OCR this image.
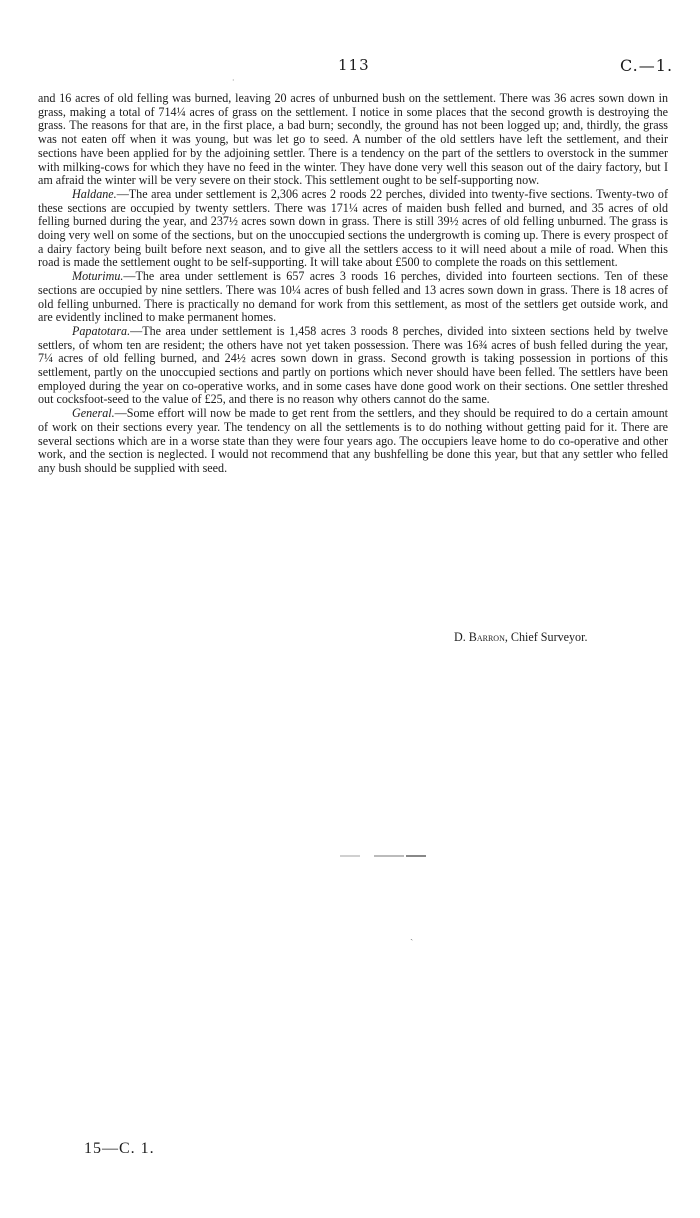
113	C.—1.
·

and 16 acres of old felling was burned, leaving 20 acres of unburned bush on the settlement. There was 36 acres sown down in grass, making a total of 714¼ acres of grass on the settlement. I notice in some places that the second growth is destroying the grass. The reasons for that are, in the first place, a bad burn; secondly, the ground has not been logged up; and, thirdly, the grass was not eaten off when it was young, but was let go to seed. A number of the old settlers have left the settlement, and their sections have been applied for by the adjoining settler. There is a tendency on the part of the settlers to overstock in the summer with milking-cows for which they have no feed in the winter. They have done very well this season out of the dairy factory, but I am afraid the winter will be very severe on their stock. This settlement ought to be self-supporting now.

Haldane.—The area under settlement is 2,306 acres 2 roods 22 perches, divided into twenty-five sections. Twenty-two of these sections are occupied by twenty settlers. There was 171¼ acres of maiden bush felled and burned, and 35 acres of old felling burned during the year, and 237½ acres sown down in grass. There is still 39½ acres of old felling unburned. The grass is doing very well on some of the sections, but on the unoccupied sections the undergrowth is coming up. There is every prospect of a dairy factory being built before next season, and to give all the settlers access to it will need about a mile of road. When this road is made the settlement ought to be self-supporting. It will take about £500 to complete the roads on this settlement.

Moturimu.—The area under settlement is 657 acres 3 roods 16 perches, divided into fourteen sections. Ten of these sections are occupied by nine settlers. There was 10¼ acres of bush felled and 13 acres sown down in grass. There is 18 acres of old felling unburned. There is practically no demand for work from this settlement, as most of the settlers get outside work, and are evidently inclined to make permanent homes.

Papatotara.—The area under settlement is 1,458 acres 3 roods 8 perches, divided into sixteen sections held by twelve settlers, of whom ten are resident; the others have not yet taken possession. There was 16¾ acres of bush felled during the year, 7¼ acres of old felling burned, and 24½ acres sown down in grass. Second growth is taking possession in portions of this settlement, partly on the unoccupied sections and partly on portions which never should have been felled. The settlers have been employed during the year on co-operative works, and in some cases have done good work on their sections. One settler threshed out cocksfoot-seed to the value of £25, and there is no reason why others cannot do the same.

General.—Some effort will now be made to get rent from the settlers, and they should be required to do a certain amount of work on their sections every year. The tendency on all the settlements is to do nothing without getting paid for it. There are several sections which are in a worse state than they were four years ago. The occupiers leave home to do co-operative and other work, and the section is neglected. I would not recommend that any bushfelling be done this year, but that any settler who felled any bush should be supplied with seed.

D. Barron, Chief Surveyor.
ˎ
15—C. 1.
